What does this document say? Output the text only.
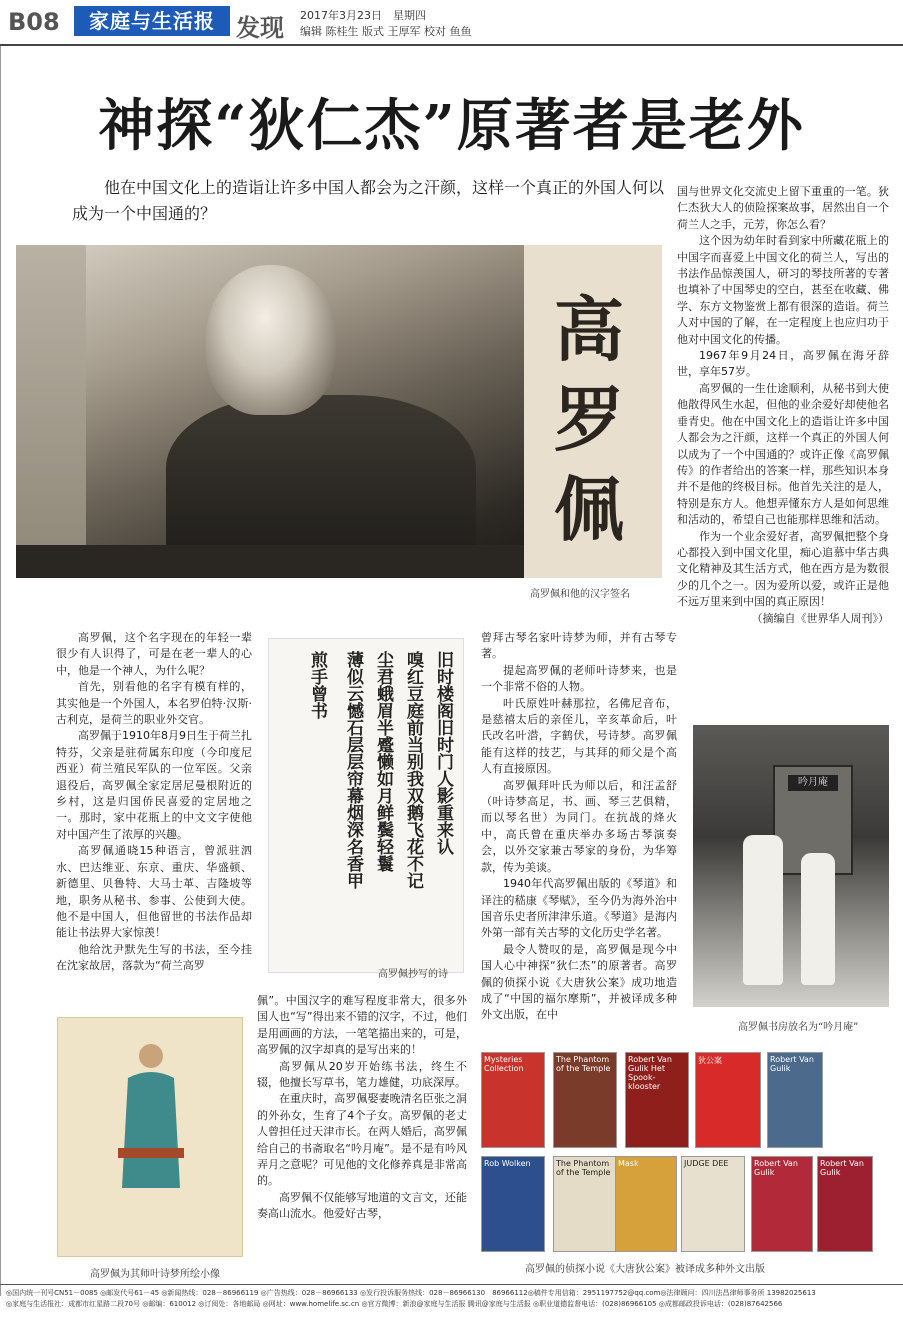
B08	家庭与生活报 发现 2017年3月23日　星期四
编辑 陈桂生 版式 王厚军 校对 鱼鱼
神探“狄仁杰”原著者是老外

他在中国文化上的造诣让许多中国人都会为之汗颜，这样一个真正的外国人何以成为一个中国通的？

高罗佩
高罗佩和他的汉字签名

国与世界文化交流史上留下重重的一笔。狄仁杰狄大人的侦险探案故事，居然出自一个荷兰人之手，元芳，你怎么看？

这个因为幼年时看到家中所藏花瓶上的中国字而喜爱上中国文化的荷兰人，写出的书法作品惊羡国人，研习的琴技所著的专著也填补了中国琴史的空白，甚至在收藏、佛学、东方文物鉴赏上都有很深的造诣。荷兰人对中国的了解，在一定程度上也应归功于他对中国文化的传播。

1967年9月24日，高罗佩在海牙辞世，享年57岁。

高罗佩的一生仕途顺利，从秘书到大使他散得风生水起，但他的业余爱好却使他名垂青史。他在中国文化上的造诣让许多中国人都会为之汗颜，这样一个真正的外国人何以成为了一个中国通的？或许正像《高罗佩传》的作者给出的答案一样，那些知识本身并不是他的终极目标。他首先关注的是人，特别是东方人。他想弄懂东方人是如何思维和活动的，希望自己也能那样思维和活动。

作为一个业余爱好者，高罗佩把整个身心都投入到中国文化里，痴心追慕中华古典文化精神及其生活方式，他在西方是为数很少的几个之一。因为爱所以爱，或许正是他不远万里来到中国的真正原因！

（摘编自《世界华人周刊》）

高罗佩，这个名字现在的年轻一辈很少有人识得了，可是在老一辈人的心中，他是一个神人，为什么呢？

首先，别看他的名字有模有样的，其实他是一个外国人，本名罗伯特·汉斯·古利克，是荷兰的职业外交官。

高罗佩于1910年8月9日生于荷兰扎特芬，父亲是驻荷属东印度（今印度尼西亚）荷兰殖民军队的一位军医。父亲退役后，高罗佩全家定居尼曼根附近的乡村，这是归国侨民喜爱的定居地之一。那时，家中花瓶上的中文文字使他对中国产生了浓厚的兴趣。

高罗佩通晓15种语言，曾派驻泗水、巴达维亚、东京、重庆、华盛顿、新德里、贝鲁特、大马士革、吉隆坡等地，职务从秘书、参事、公使到大使。他不是中国人，但他留世的书法作品却能让书法界大家惊羡！

他给沈尹默先生写的书法，至今挂在沈家故居，落款为“荷兰高罗

旧时楼阁旧时门人影重来认
嗅红豆庭前当别我双鹅飞花不记
尘君蛾眉半蹙懒如月鲜鬓轻鬟
薄似云憾石层层帘幕烟深名香甲
煎手曾书
高罗佩抄写的诗

曾拜古琴名家叶诗梦为师，并有古琴专著。

提起高罗佩的老师叶诗梦来，也是一个非常不俗的人物。

叶氏原姓叶赫那拉，名佛尼音布，是慈禧太后的亲侄儿，辛亥革命后，叶氏改名叶潜，字鹤伏，号诗梦。高罗佩能有这样的技艺，与其拜的师父是个高人有直接原因。

高罗佩拜叶氏为师以后，和汪孟舒（叶诗梦高足，书、画、琴三艺俱精，而以琴名世）为同门。在抗战的烽火中，高氏曾在重庆举办多场古琴演奏会，以外交家兼古琴家的身份，为华筹款，传为美谈。

1940年代高罗佩出版的《琴道》和译注的嵇康《琴赋》，至今仍为海外治中国音乐史者所津津乐道。《琴道》是海内外第一部有关古琴的文化历史学名著。

最令人赞叹的是，高罗佩是现今中国人心中神探“狄仁杰”的原著者。高罗佩的侦探小说《大唐狄公案》成功地造成了“中国的福尔摩斯”，并被译成多种外文出版，在中

佩”。中国汉字的难写程度非常大，很多外国人也“写”得出来不错的汉字，不过，他们是用画画的方法，一笔笔描出来的，可是，高罗佩的汉字却真的是写出来的！

高罗佩从20岁开始练书法，终生不辍，他擅长写草书，笔力雄健，功底深厚。

在重庆时，高罗佩娶妻晚清名臣张之洞的外孙女，生育了4个子女。高罗佩的老丈人曾担任过天津市长。在两人婚后，高罗佩给自己的书斋取名“吟月庵”。是不是有吟风弄月之意呢？可见他的文化修养真是非常高的。

高罗佩不仅能够写地道的文言文，还能奏高山流水。他爱好古琴，

高罗佩为其师叶诗梦所绘小像
吟月庵
高罗佩书房放名为“吟月庵”
Mysteries Collection
The Phantom of the Temple
Robert Van Gulik Het Spook-klooster
狄公案	Robert Van Gulik
Rob Wolken	The Phantom of the Temple
Mask	JUDGE DEE	Robert Van Gulik
Robert Van Gulik
高罗佩的侦探小说《大唐狄公案》被译成多种外文出版
◎国内统一刊号CN51－0085 ◎邮发代号61－45 ◎新闻热线：028－86966119 ◎广告热线：028－86966133 ◎发行投诉服务热线：028－86966130　86966112◎稿件专用信箱：2951197752@qq.com◎法律顾问：四川法昌律师事务所 13982025613
◎家庭与生活报社：成都市红星路二段70号 ◎邮编：610012 ◎订阅处：各地邮局 ◎网址：www.homelife.sc.cn ◎官方微博：新浪@家庭与生活报 腾讯@家庭与生活报 ◎职业道德监督电话：(028)86966105 ◎成都邮政投诉电话：(028)87642566
